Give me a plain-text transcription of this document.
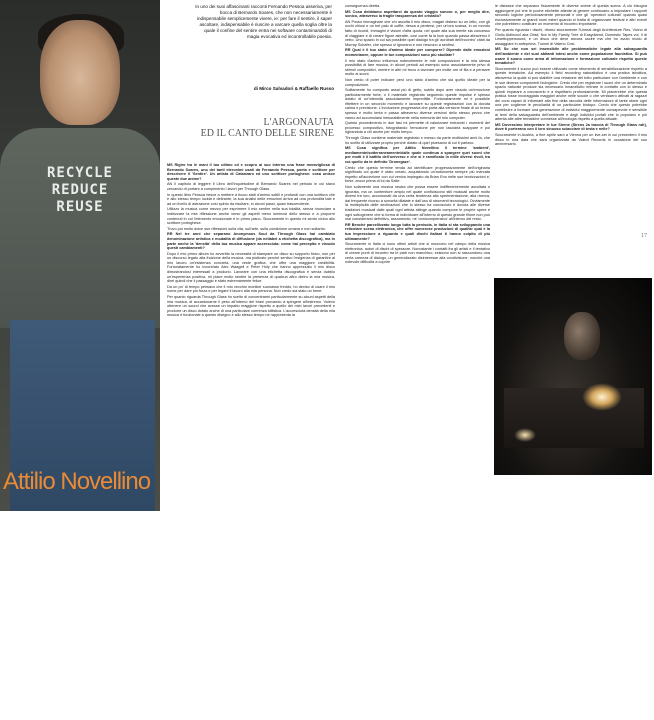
RECYCLE
REDUCE
REUSE
Attilio Novellino
In uno dei suoi affascinanti racconti Fernando Pessoa asseriva, per bocca di Bernardo Soares, che non necessariamente è indispensabile semplicemente vivere, ie: per fare il sentire, il saper ascoltare, indispensabile è riuscire a varcare quella soglia oltre la quale il confine del sentire entra nei software contaminandoli di magia evocativa ed incontrollabile poesia.
di Mirco Salvadori & Raffaello Russo
L'ARGONAUTA
ED IL CANTO DELLE SIRENE

MS Rigiro tra le mani il tuo ultimo cd e scopro al suo interno una frase meravigliosa di Bernardo Soares, uno dei tanti eteronimi usati da Fernando Pessoa, poeta e scrittore per descrivere il 'Sentire'. Un artista di Catanzaro ed uno scrittore portoghese: cosa unisce queste due anime?

AN Il capitolo di leggere Il Libro dell'Inquietudine di Bernardo Soares nel periodo in cui stavo cercando di portare a compimento i lavori per Through Glass.

In questo libro Pessoa riesce a mettere a fuoco stati d'animo sottili e profondi con una scrittura che è allo stesso tempo lucida e delirante, la sua analisi delle emozioni arriva ad una profondità tale e ad un livello di astrazione così spinto da risultare, in alcuni passi, quasi trascendente.

Utilizzo la musica come mezzo per esprimere il mio sentire nella sua totalità, senza rinunciare a indirizzare la mia riflessione anche verso gli aspetti meno luminosi dello stesso e a proporre contenuti in cui l'elemento emozionale è in primo piano. Sicuramente in questo mi sento vicino allo scrittore portoghese.

Trovo poi molto dolce sue riflessioni sulla vita, sull'arte, sulla condizione umana e non soltanto.

RR Nel tre anni che separano Anonymous Soul da Through Glass hai cambiato denominazione artistica e modalità di diffusione (da netlabel a etichetta discografica), ma in parte anche la 'densità' della tua musica appare accresciuta: come hai percepito e vissuto questi cambiamenti?

Dopo il mio primo album ho avvertito la necessità di stampare un disco su supporto fisico, non per un discorso legato alla fruizione della musica, ma piuttosto perché sentivo l'esigenza di garantire al mio lavoro un'esistenza concreta, una veste grafica, che offre una maggiore credibilità. Fortunatamente ho incontrato Alec Waagell e Peter Holy che hanno apprezzato il mio disco dimostrandosi interessati a produrlo. Lavorare con una etichetta discografica è senza dubbio un'esperienza positiva, mi piace molto sentire la presenza di qualcun altro dietro la mia musica, direi quindi che il passaggio è stato estremamente felice.

Da un po' di tempo pensavo che il mio vecchio moniker suonasse freddo, ho deciso di usare il mio nome per dare più forza e per legare il lavoro alla mia persona. Non credo sia stato un bene.

Per quanto riguarda Through Glass ho scelto di concentrarmi particolarmente su alcuni aspetti della mia musica, di accantonarne il peso all'interno dei brani provando a spingere all'estremo. Volevo ottenere un sound che avesse un impatto maggiore rispetto a quello dei miei lavori precedenti e produrre un disco dotato anche di una particolare coerenza stilistica. L'accresciuta densità della mia musica è funzionale a questo disegno e allo stesso tempo ne rappresenta la

conseguenza diretta.

MS Cosa debbiamo aspettarci da questo viaggio sonoro o, per meglio dire, sonico, attraverso la fragile trasparenza del cristallo?

AN Posso immaginare che chi ascolta il mio disco, magari disteso su un letto, con gli occhi chiusi e un bel paio di cuffie, riesca a perdersi, per un'ora scarsa, in un mondo fatto di ricordi, immagini e visioni d'alta quota, nel quale alla sua mente sia concesso di viaggiare e di creare figure astratte, così come fa la luce quando passa attraverso il vetro. Uno spazio in cui sia possibile quel dialogo tra gli 'acrobati dell'incontro' citati da Murray Schafer, che spesso si ignorano e non riescono a sentirsi.

RR Qual è il tuo stato d'animo ideale per comporre? Dipende dalle emozioni momentanee, oppure le tue composizioni sono più studiate?

Il mio stato d'animo influenza notevolmente le mie composizioni e la mia stessa possibilità di fare musica, in alcuni periodi ad esempio sono assolutamente privo di stimoli compositivi, mentre in altri mi trovo a lavorare per molte ore di fila e a pensare molto ai suoni.

Non credo di poter indicare però uno stato d'animo che sia quello ideale per la composizione.

Solitamente ho composto assai più di getto, subito dopo aver vissuto un'emozione particolarmente forte, o il materiale registrato seguendo queste impulse è spesso dotato di un'intensità assolutamente impreditile. Fortunatamente mi è possibile riflettere in un secondo momento e lavorare su queste registrazioni con la dovuta calma e precisione. L'evoluzione progressiva che porta alla versione finale di un brano spesso è molto lenta e passa attraverso diverse versioni dello stesso pezzo che vanno ad accumularsi inesorabilmente nella memoria del mio computer.

Questo procedimento in due fasi mi permette di valorizzare entrambi i momenti del processo compositivo, fotografando l'emozione per non lasciarla scappare e poi rigirandola a chi anche per molto tempo.

Through Glass contiene materiale registrato e messo da parte moltissimi anni fa, che ho scelto di utilizzare proprio perché dotato di quei pluesanio di cui ti parlavo.

MS Cosa significa per Attilio Novellino il termine 'ambient', mediamente/sotterraneamente/dalle quale continua a spargere quei suoni che per molti è il battito dell'universo e che sì è ramificato in mille diversi rivoli, tra cui quello da te definito 'Dronegaze'.

Credo che questo termine tenda ad identificare progressivamente dell'originaria significato col quale è stato creato, acquistando un'autonomia sempre più marcata rispetto all'accezione con cui veniva impiegato da Brian Eno nelle sue teorizzazioni e, forse, ancor prima di lui da Satie.

Non solamente una musica neutra che possa essere indifferentemente ascoltata o ignorata, ma un contenitore ampio nel quale confluiscono stili musicali anche molto diversi tra loro, accomunati da una certa tendenza alla sperimentazione, alla ricerca, dal frequente ricorso a sonorità dilatate e dall'uso di strumenti tecnologici. Ovviamente la molteplicità delle declinazioni che lo stesso ha conosciuto è dovuta alle diverse tradizioni musicali dalle quali ogni artista attinge quando compone le proprie opere e ogni sottogenere che si forma di individuare all'interno di questo grande filone non può mai considerarsi definitivo, assumendo, né 'onnicomprensivo' all'interno del resto.

RR Benché parcellizzato lungo tutta la penisola, in Italia si sta sviluppando una reticolare scena elettronica, che offre numerose produzioni di qualità: qual è la tua impressione a riguardo e quali dischi italiani ti hanno colpito di più ultimamente?

Sicuramente in Italia ci sono ottimi artisti che si muovono nel campo della musica elettronica, autori di dischi di spessore. Nonostante i contatti fra gli artisti e il tentativo di creare punti di incontro tra le parti non manchino, esistono non si nascondono una certa carenza di dialogo, un generalizzato disinteresse alla condivisione, nonché una notevole difficoltà a coprire

le distanze che separano fisicamente le diverse anime di questa scena. A ciò bisogna aggiungere poi che le poche etichette attente al genere continuano a impostare i rapporti secondo logiche pericolosamente personali e che gli 'operatori culturali' quando quasi esclusivamente ai grandi nomi esteri quando si tratta di organizzare festival e altri eventi che potrebbero costituire un momento di incontro importante.

Per quanto riguarda i dischi, ritorno sicuramente l'Unreal degli Architecture Res, Vicino di Giulio Aldinucci aka Obsil, Not in My Family Tree di Easydiamd, Domestic Tapes vol. Il di Lesettuppersound, e un disco che deve ancora uscire ma che ho avuto modo di assaggiare in anteprima, Tunnel di Valerio Cosi.

MS So che non sei insensibile alle problematiche legate alla salvaguardia dell'ambiente e del suoi abitanti intesi anche come popolazione faunistica. Si può usare il suono come arma di informazione e formazione culturale rispetto queste tematiche?

Sicuramente il suono può essere utilizzato come strumento di sensibilizzazione rispetto a queste tematiche. Ad esempio il field recording naturalistico è una pratica istruttiva, attraverso la quale si può stabilire una relazione del tutto particolare con l'ambiente e con le sue diverse componenti biologiche. Credo che per registrare i suoni che un determinato spazio naturale produce sia necessario innanzitutto entrare in contatto con lo stesso e quindi imparare a conoscerlo e a rispettarlo profondamente. Mi piacerebbe che questa pratica fosse incoraggiata maggiori anche nelle scuole o che venissero attivati ai ragazzi dei corsi capaci di informarli alla fine della raccolta delle informazioni di tante storie ogni una per coglierne le peculiarità di un particolare biotopo. Credo che questo potrebbe contribuire a formare una generazione di individui maggiormente consapevole e sensibile ai temi della salvaguardia dell'ambiente e degli individui portati che lo popolano e più attenta alle altre tematiche connesse all'ecologia rispetto a quella attuale.

MS Dovessimo interpretare le tue Sirene (Sirens 2a traccia di Through Glass ndr), dove ti porterano con il loro sinuoso sciacciare di testa e nelle?

Sicuramente in Austria, a fine aprile sarò a Vienna per un live-set in cui presenterò il mio disco in una data che sarà organizzata da Valeot Records in occasione del suo anniversario.

17
